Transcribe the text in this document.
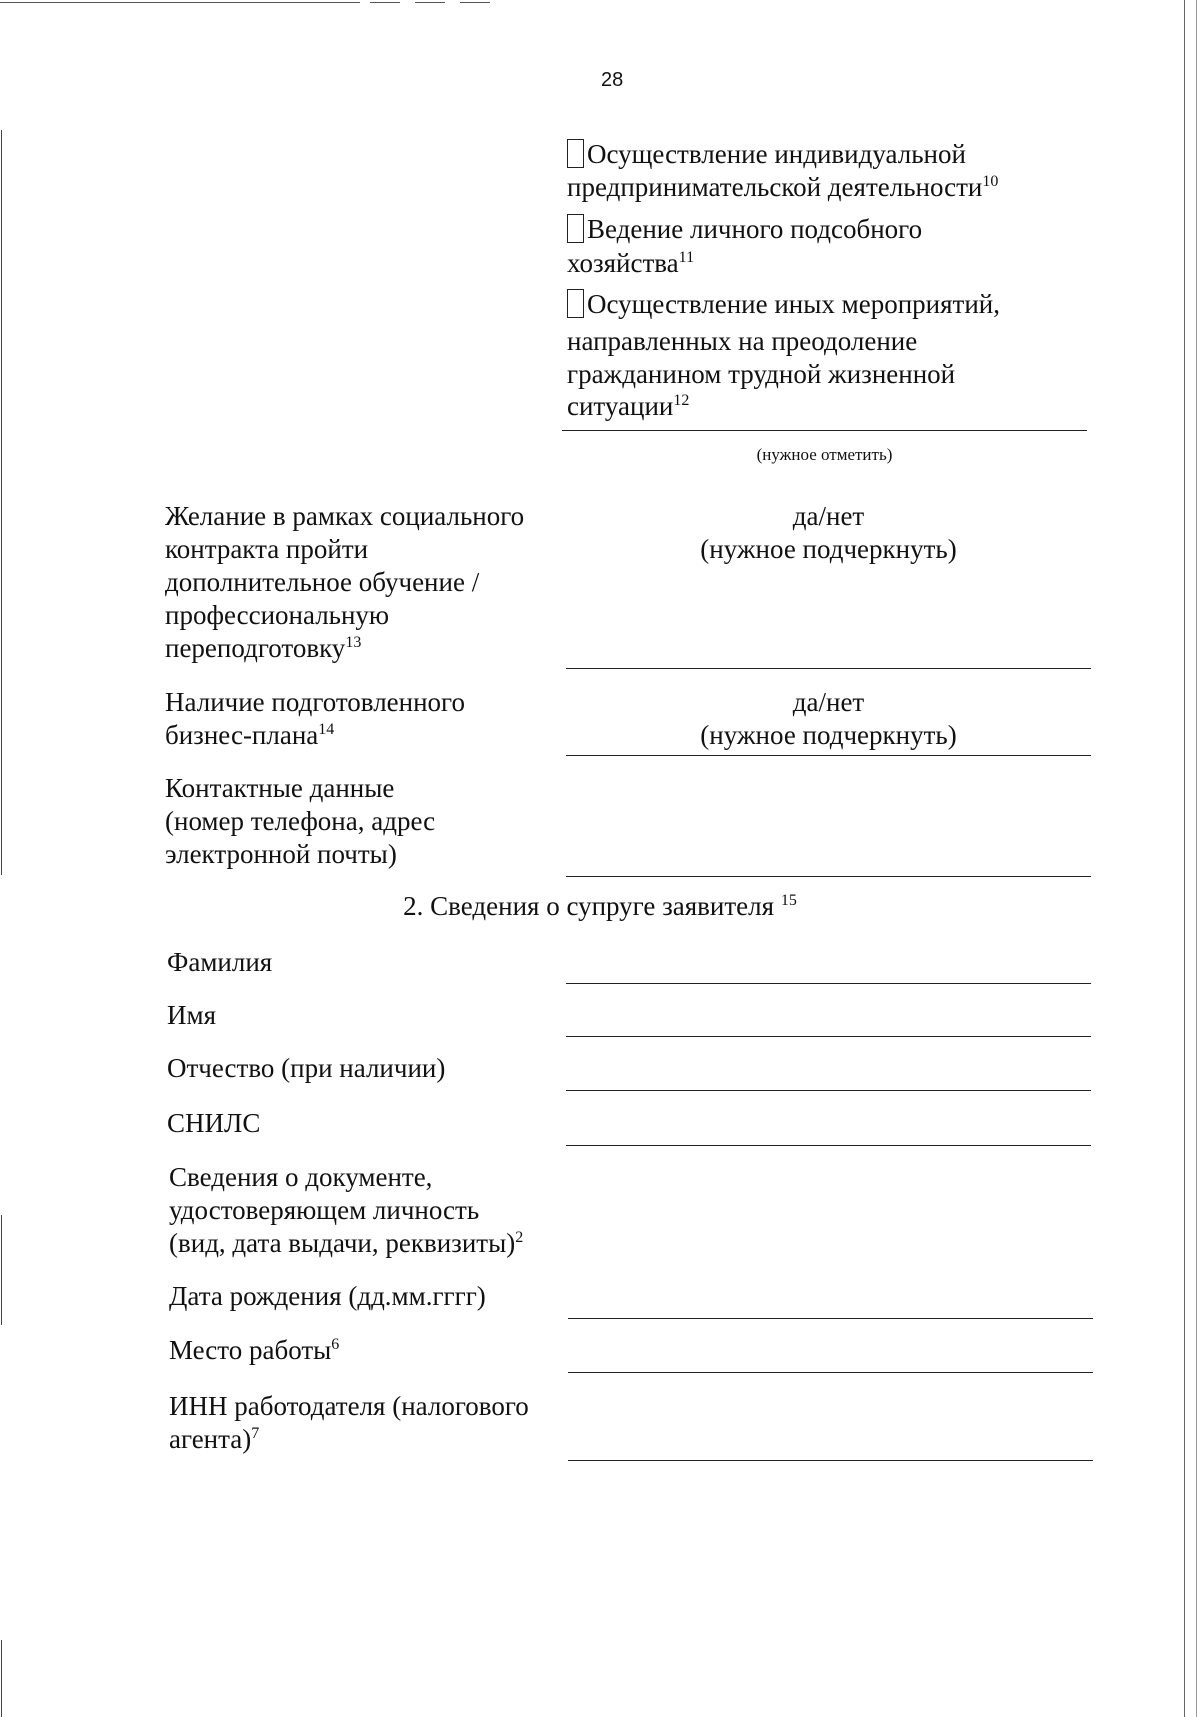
28
Осуществление индивидуальной
предпринимательской деятельности$^{10}$
Ведение личного подсобного
хозяйства$^{11}$
Осуществление иных мероприятий,
направленных на преодоление
гражданином трудной жизненной
ситуации$^{12}$
(нужное отметить)
Желание в рамках социального
контракта пройти
дополнительное обучение /
профессиональную
переподготовку$^{13}$
да/нет
(нужное подчеркнуть)
Наличие подготовленного
бизнес-плана$^{14}$
да/нет
(нужное подчеркнуть)
Контактные данные
(номер телефона, адрес
электронной почты)
2. Сведения о супруге заявителя $^{15}$
Фамилия
Имя
Отчество (при наличии)
СНИЛС
Сведения о документе,
удостоверяющем личность
(вид, дата выдачи, реквизиты)$^2$
Дата рождения (дд.мм.гггг)
Место работы$^6$
ИНН работодателя (налогового
агента)$^7$
